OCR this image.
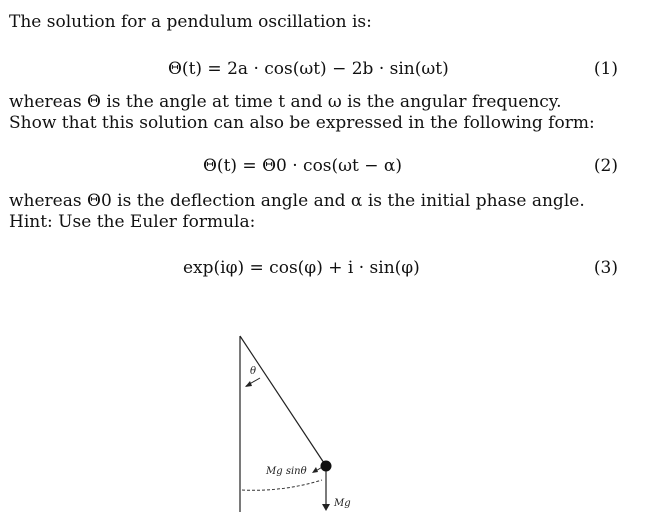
The solution for a pendulum oscillation is:
Θ(t) = 2a · cos(ωt) − 2b · sin(ωt)	(1)
whereas Θ is the angle at time t and ω is the angular frequency.
Show that this solution can also be expressed in the following form:
Θ(t) = Θ0 · cos(ωt − α)	(2)
whereas Θ0 is the deflection angle and α is the initial phase angle.
Hint: Use the Euler formula:
exp(iφ) = cos(φ) + i · sin(φ)	(3)
θ
Mg sinθ
Mg
